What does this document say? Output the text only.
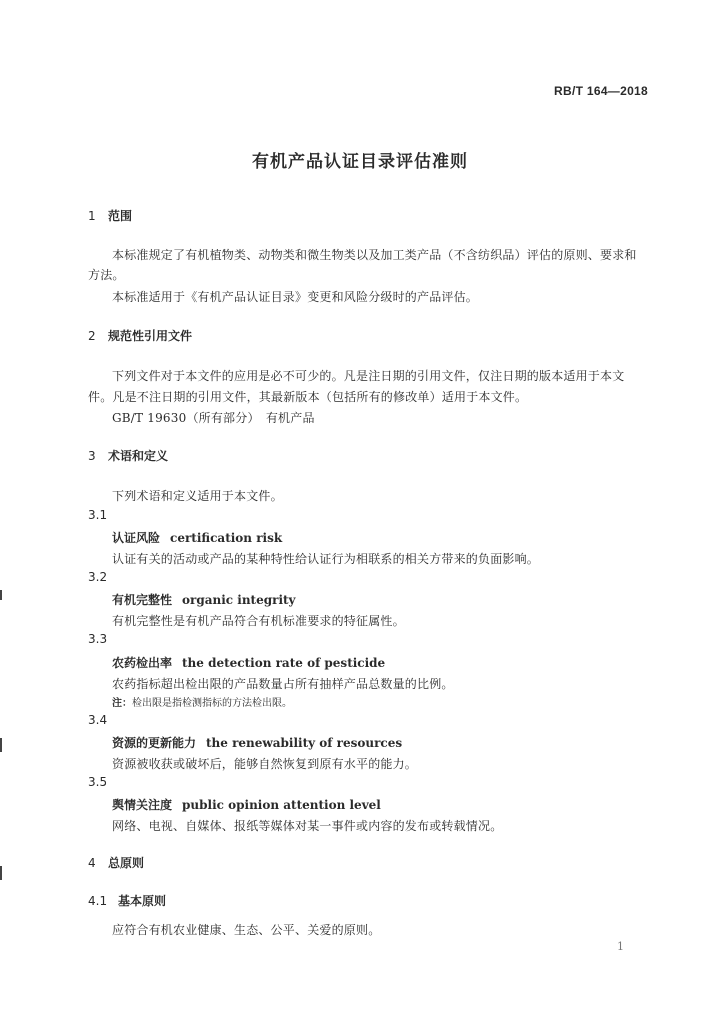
RB/T 164—2018
有机产品认证目录评估准则
1 范围
本标准规定了有机植物类、动物类和微生物类以及加工类产品（不含纺织品）评估的原则、要求和
方法。
本标准适用于《有机产品认证目录》变更和风险分级时的产品评估。
2 规范性引用文件
下列文件对于本文件的应用是必不可少的。凡是注日期的引用文件，仅注日期的版本适用于本文
件。凡是不注日期的引用文件，其最新版本（包括所有的修改单）适用于本文件。
GB/T 19630（所有部分）　有机产品
3 术语和定义
下列术语和定义适用于本文件。
3.1
认证风险 certification risk
认证有关的活动或产品的某种特性给认证行为相联系的相关方带来的负面影响。
3.2
有机完整性 organic integrity
有机完整性是有机产品符合有机标准要求的特征属性。
3.3
农药检出率 the detection rate of pesticide
农药指标超出检出限的产品数量占所有抽样产品总数量的比例。
注：检出限是指检测指标的方法检出限。
3.4
资源的更新能力 the renewability of resources
资源被收获或破坏后，能够自然恢复到原有水平的能力。
3.5
舆情关注度 public opinion attention level
网络、电视、自媒体、报纸等媒体对某一事件或内容的发布或转载情况。
4 总原则
4.1 基本原则
应符合有机农业健康、生态、公平、关爱的原则。
1
